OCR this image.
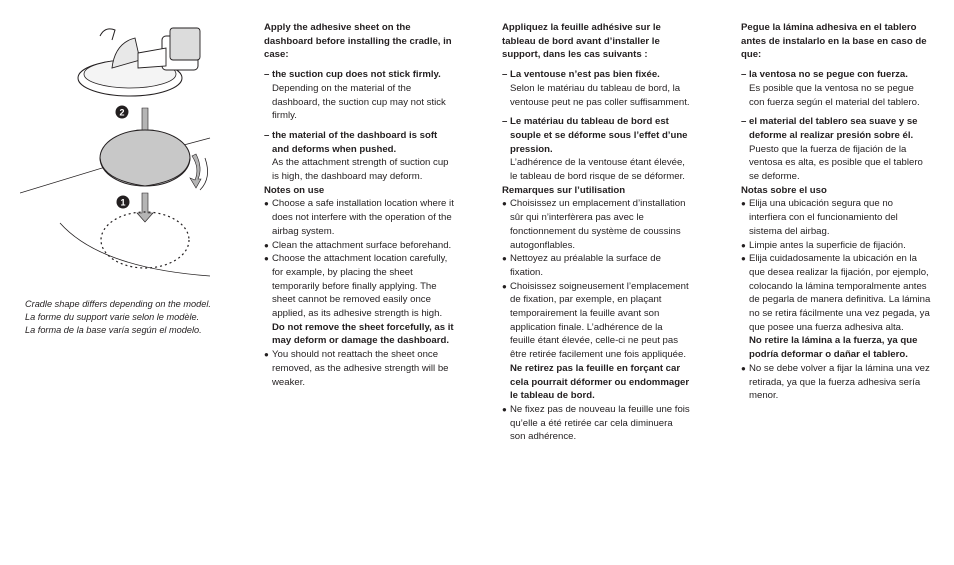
2
1

Cradle shape differs depending on the model.

La forme du support varie selon le modèle.

La forma de la base varía según el modelo.

Apply the adhesive sheet on the dashboard before installing the cradle, in case:

– the suction cup does not stick firmly.
Depending on the material of the dashboard, the suction cup may not stick firmly.
– the material of the dashboard is soft and deforms when pushed.
As the attachment strength of suction cup is high, the dashboard may deform.

Notes on use

● Choose a safe installation location where it does not interfere with the operation of the airbag system.
● Clean the attachment surface beforehand.
● Choose the attachment location carefully, for example, by placing the sheet temporarily before finally applying. The sheet cannot be removed easily once applied, as its adhesive strength is high.

Do not remove the sheet forcefully, as it may deform or damage the dashboard.

● You should not reattach the sheet once removed, as the adhesive strength will be weaker.

Appliquez la feuille adhésive sur le tableau de bord avant d’installer le support, dans les cas suivants :

– La ventouse n’est pas bien fixée.
Selon le matériau du tableau de bord, la ventouse peut ne pas coller suffisamment.
– Le matériau du tableau de bord est souple et se déforme sous l’effet d’une pression.
L’adhérence de la ventouse étant élevée, le tableau de bord risque de se déformer.

Remarques sur l’utilisation

● Choisissez un emplacement d’installation sûr qui n’interfèrera pas avec le fonctionnement du système de coussins autogonflables.
● Nettoyez au préalable la surface de fixation.
● Choisissez soigneusement l’emplacement de fixation, par exemple, en plaçant temporairement la feuille avant son application finale. L’adhérence de la feuille étant élevée, celle-ci ne peut pas être retirée facilement une fois appliquée.

Ne retirez pas la feuille en forçant car cela pourrait déformer ou endommager le tableau de bord.

● Ne fixez pas de nouveau la feuille une fois qu’elle a été retirée car cela diminuera son adhérence.

Pegue la lámina adhesiva en el tablero antes de instalarlo en la base en caso de que:

– la ventosa no se pegue con fuerza.
Es posible que la ventosa no se pegue con fuerza según el material del tablero.
– el material del tablero sea suave y se deforme al realizar presión sobre él.
Puesto que la fuerza de fijación de la ventosa es alta, es posible que el tablero se deforme.

Notas sobre el uso

● Elija una ubicación segura que no interfiera con el funcionamiento del sistema del airbag.
● Limpie antes la superficie de fijación.
● Elija cuidadosamente la ubicación en la que desea realizar la fijación, por ejemplo, colocando la lámina temporalmente antes de pegarla de manera definitiva. La lámina no se retira fácilmente una vez pegada, ya que posee una fuerza adhesiva alta.

No retire la lámina a la fuerza, ya que podría deformar o dañar el tablero.

● No se debe volver a fijar la lámina una vez retirada, ya que la fuerza adhesiva sería menor.
